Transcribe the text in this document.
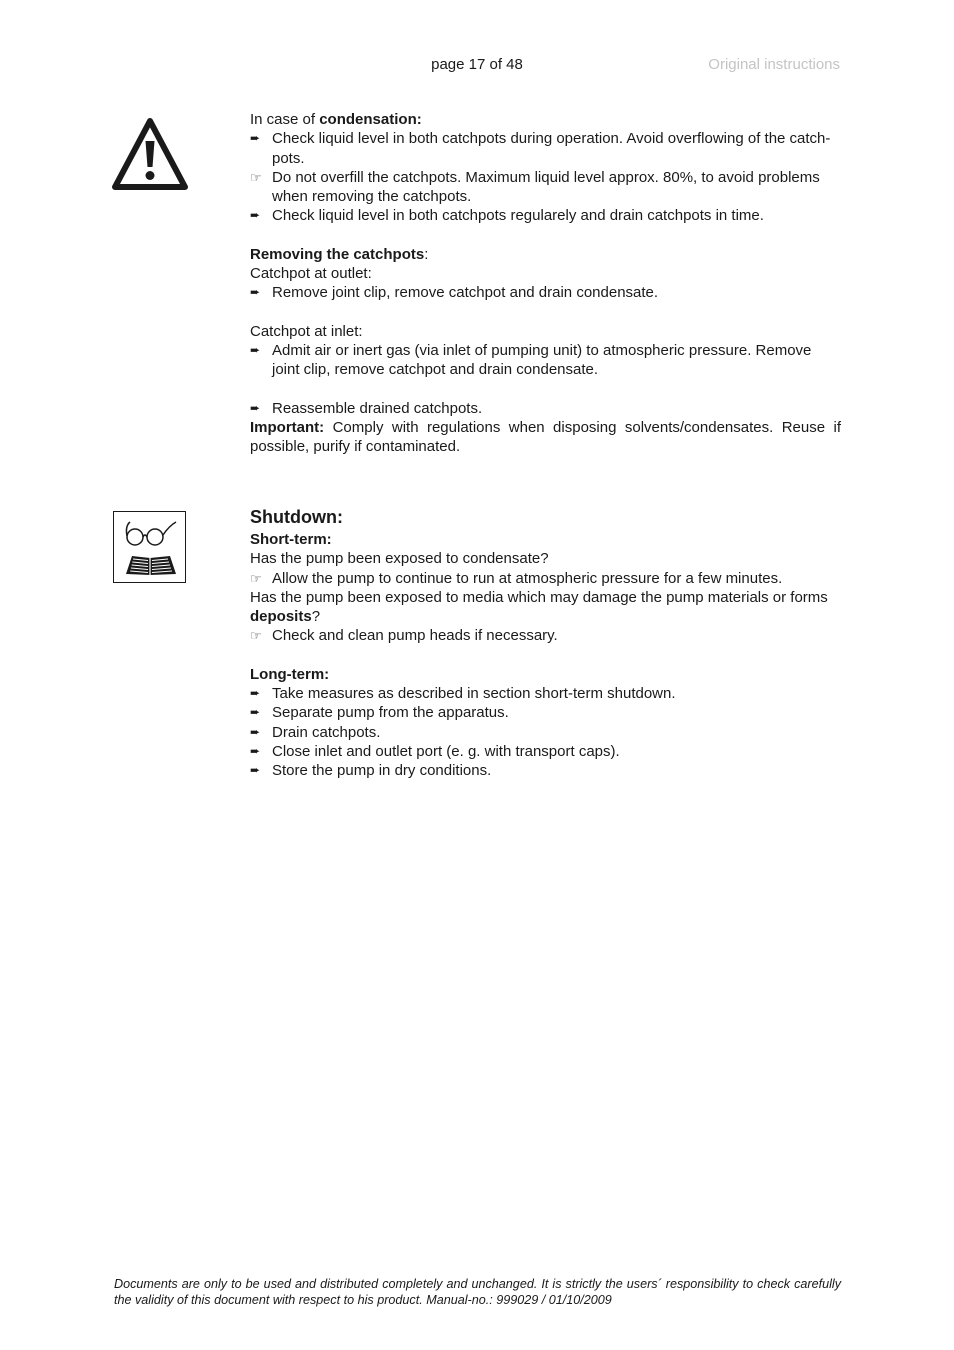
page 17 of 48	Original instructions

In case of condensation:

➨ Check liquid level in both catchpots during operation. Avoid overflowing of the catch-pots.
☞ Do not overfill the catchpots. Maximum liquid level approx. 80%, to avoid problems when removing the catchpots.
➨ Check liquid level in both catchpots regularely and drain catchpots in time.

Removing the catchpots:

Catchpot at outlet:

➨ Remove joint clip, remove catchpot and drain condensate.

Catchpot at inlet:

➨ Admit air or inert gas (via inlet of pumping unit) to atmospheric pressure. Remove joint clip, remove catchpot and drain condensate.
➨ Reassemble drained catchpots.

Important: Comply with regulations when disposing solvents/condensates. Reuse if possible, purify if contaminated.

Shutdown:

Short-term:

Has the pump been exposed to condensate?

☞ Allow the pump to continue to run at atmospheric pressure for a few minutes.

Has the pump been exposed to media which may damage the pump materials or forms deposits?

☞ Check and clean pump heads if necessary.

Long-term:

➨ Take measures as described in section short-term shutdown.
➨ Separate pump from the apparatus.
➨ Drain catchpots.
➨ Close inlet and outlet port (e. g. with transport caps).
➨ Store the pump in dry conditions.
Documents are only to be used and distributed completely and unchanged. It is strictly the users´ responsibility to check carefully the validity of this document with respect to his product. Manual-no.: 999029 / 01/10/2009
